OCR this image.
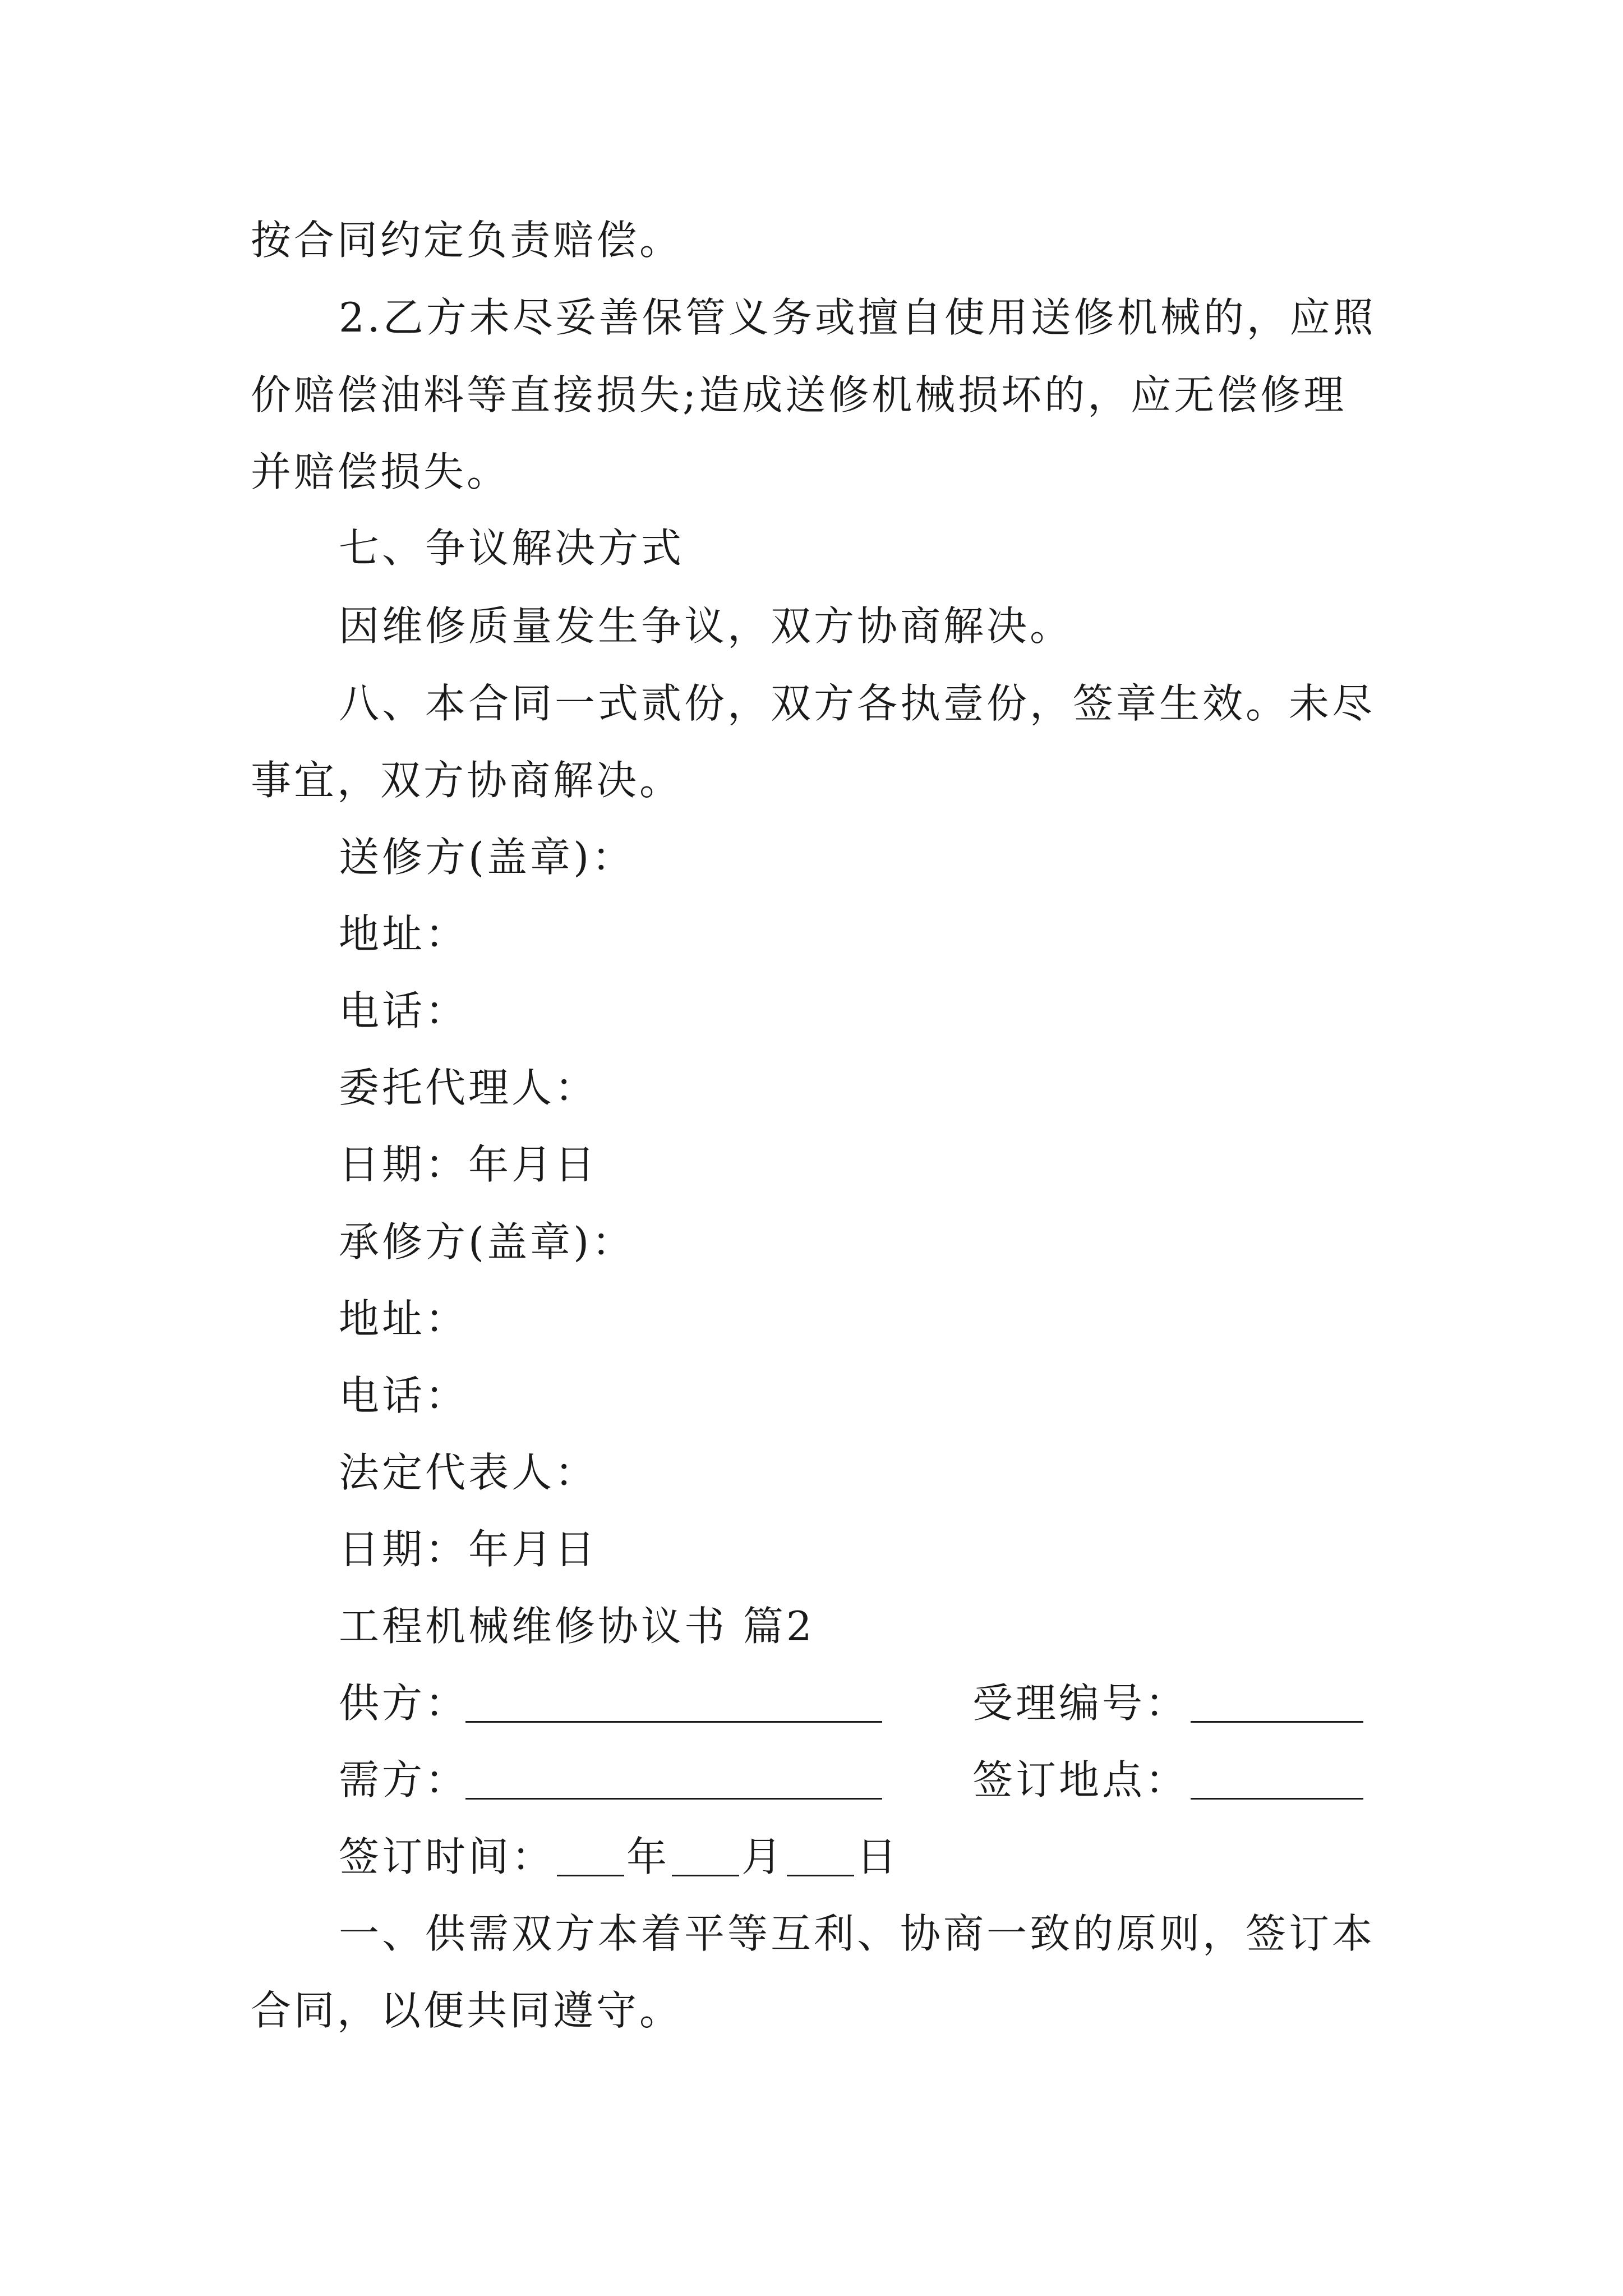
按合同约定负责赔偿。
2.乙方未尽妥善保管义务或擅自使用送修机械的，应照
价赔偿油料等直接损失;造成送修机械损坏的，应无偿修理
并赔偿损失。
七、争议解决方式
因维修质量发生争议，双方协商解决。
八、本合同一式贰份，双方各执壹份，签章生效。未尽
事宜，双方协商解决。
送修方(盖章)：
地址：
电话：
委托代理人：
日期：年月日
承修方(盖章)：
地址：
电话：
法定代表人：
日期：年月日
工程机械维修协议书 篇2
供方：	受理编号：
需方：	签订地点：
签订时间： 年 月 日
一、供需双方本着平等互利、协商一致的原则，签订本
合同，以便共同遵守。
